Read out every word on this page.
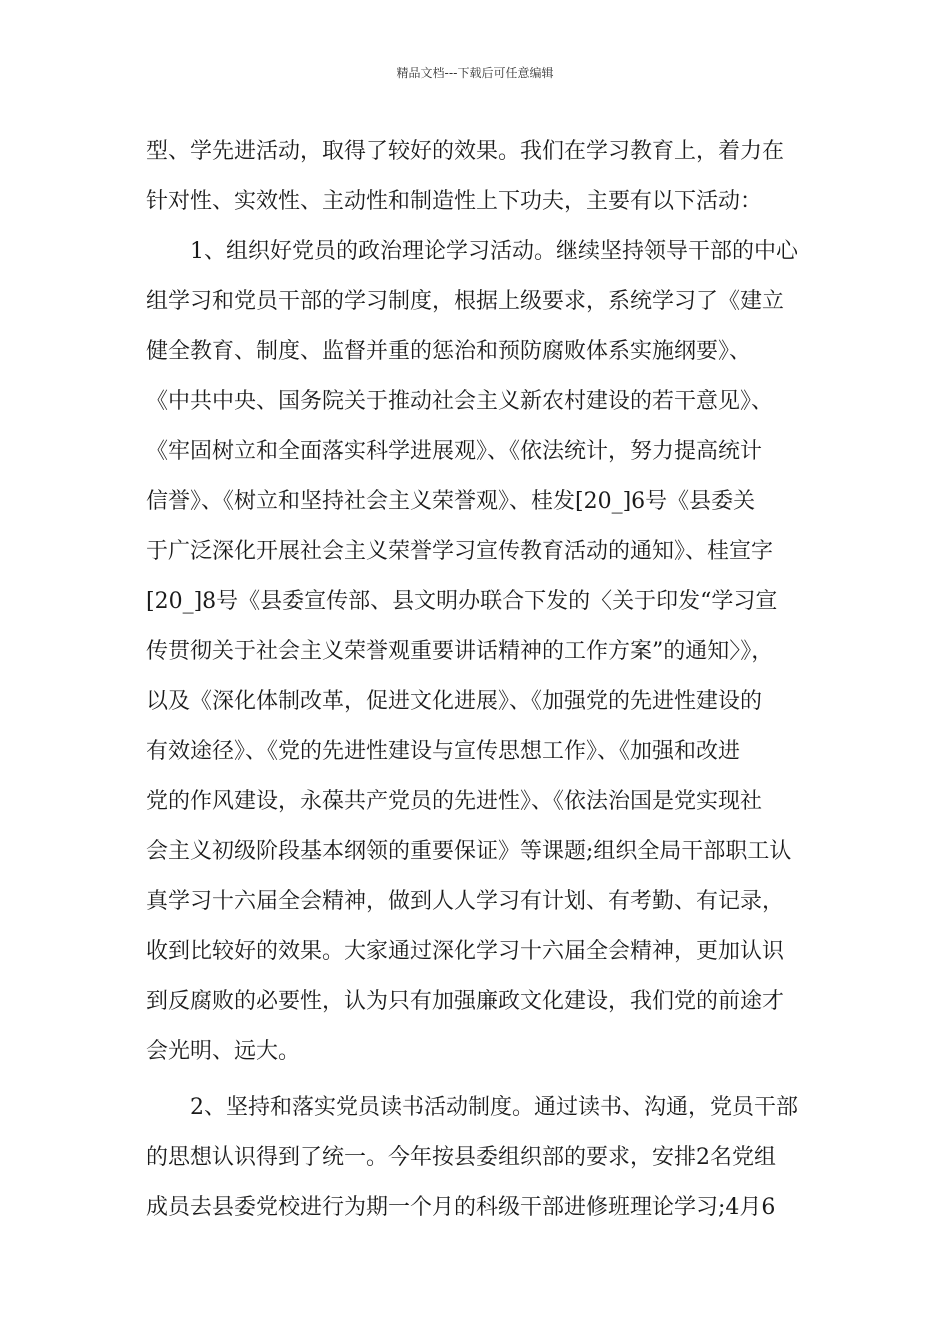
精品文档---下载后可任意编辑
型、学先进活动，取得了较好的效果。我们在学习教育上，着力在
针对性、实效性、主动性和制造性上下功夫，主要有以下活动：
1、组织好党员的政治理论学习活动。继续坚持领导干部的中心
组学习和党员干部的学习制度，根据上级要求，系统学习了《建立
健全教育、制度、监督并重的惩治和预防腐败体系实施纲要》、
《中共中央、国务院关于推动社会主义新农村建设的若干意见》、
《牢固树立和全面落实科学进展观》、《依法统计，努力提高统计
信誉》、《树立和坚持社会主义荣誉观》、桂发[20_]6号《县委关
于广泛深化开展社会主义荣誉学习宣传教育活动的通知》、桂宣字
[20_]8号《县委宣传部、县文明办联合下发的〈关于印发“学习宣
传贯彻关于社会主义荣誉观重要讲话精神的工作方案”的通知〉》，
以及《深化体制改革，促进文化进展》、《加强党的先进性建设的
有效途径》、《党的先进性建设与宣传思想工作》、《加强和改进
党的作风建设，永葆共产党员的先进性》、《依法治国是党实现社
会主义初级阶段基本纲领的重要保证》等课题;组织全局干部职工认
真学习十六届全会精神，做到人人学习有计划、有考勤、有记录，
收到比较好的效果。大家通过深化学习十六届全会精神，更加认识
到反腐败的必要性，认为只有加强廉政文化建设，我们党的前途才
会光明、远大。
2、坚持和落实党员读书活动制度。通过读书、沟通，党员干部
的思想认识得到了统一。今年按县委组织部的要求，安排2名党组
成员去县委党校进行为期一个月的科级干部进修班理论学习;4月6
